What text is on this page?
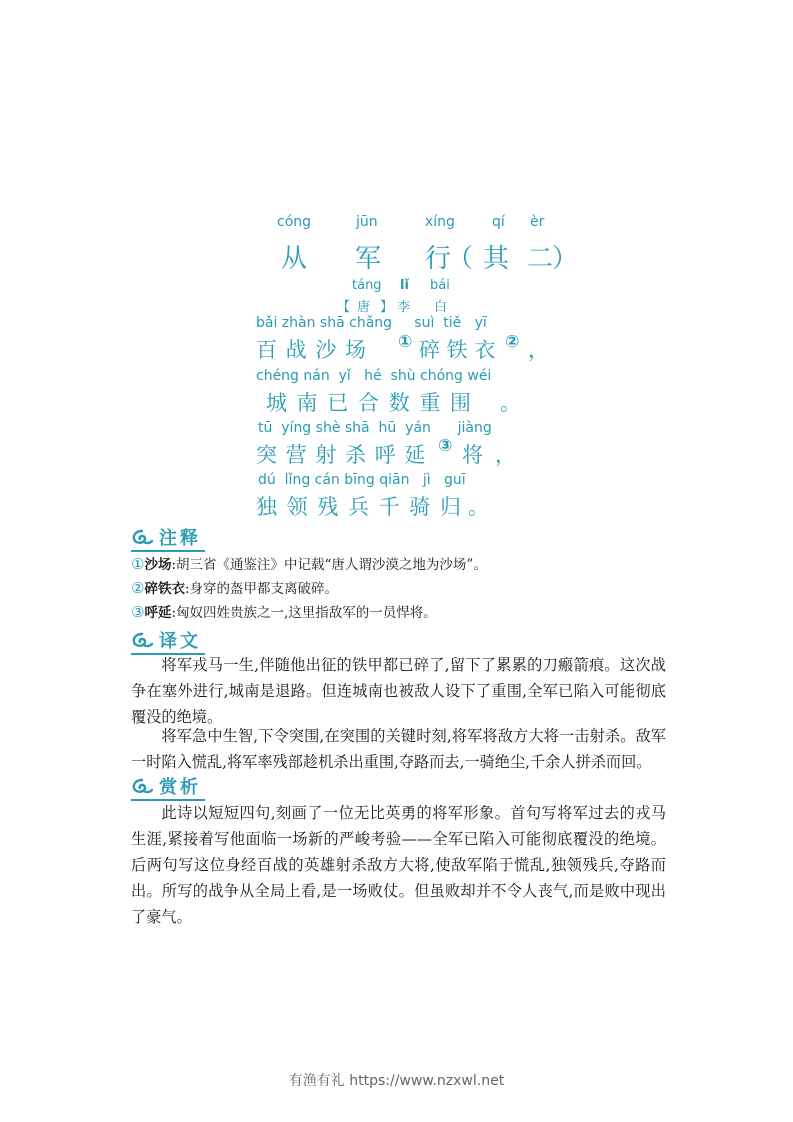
cóng	jūn	xíng	qí èr
从 军 行
（ 其 二
）
táng lǐ bái
【 唐 】 李 白
bǎi zhàn shā chǎng     suì  tiě   yī
百 战 沙 场 ① 碎 铁 衣 ② ，
chéng nán  yǐ   hé  shù chóng wéi
城 南 已 合 数 重 围 。
tū  yíng shè shā  hū  yán      jiàng
突 营 射 杀 呼 延 ③ 将 ，
dú  lǐng cán bīng qiān   jì   guī
独 领 残 兵 千 骑 归 。
注释
①沙场:胡三省《通鉴注》中记载“唐人谓沙漠之地为沙场”。
②碎铁衣:身穿的盔甲都支离破碎。
③呼延:匈奴四姓贵族之一,这里指敌军的一员悍将。
译文

将军戎马一生,伴随他出征的铁甲都已碎了,留下了累累的刀瘢箭痕。这次战争在塞外进行,城南是退路。但连城南也被敌人设下了重围,全军已陷入可能彻底覆没的绝境。

将军急中生智,下令突围,在突围的关键时刻,将军将敌方大将一击射杀。敌军一时陷入慌乱,将军率残部趁机杀出重围,夺路而去,一骑绝尘,千余人拼杀而回。

赏析

此诗以短短四句,刻画了一位无比英勇的将军形象。首句写将军过去的戎马生涯,紧接着写他面临一场新的严峻考验——全军已陷入可能彻底覆没的绝境。后两句写这位身经百战的英雄射杀敌方大将,使敌军陷于慌乱,独领残兵,夺路而出。所写的战争从全局上看,是一场败仗。但虽败却并不令人丧气,而是败中现出了豪气。

有渔有礼 https://www.nzxwl.net
